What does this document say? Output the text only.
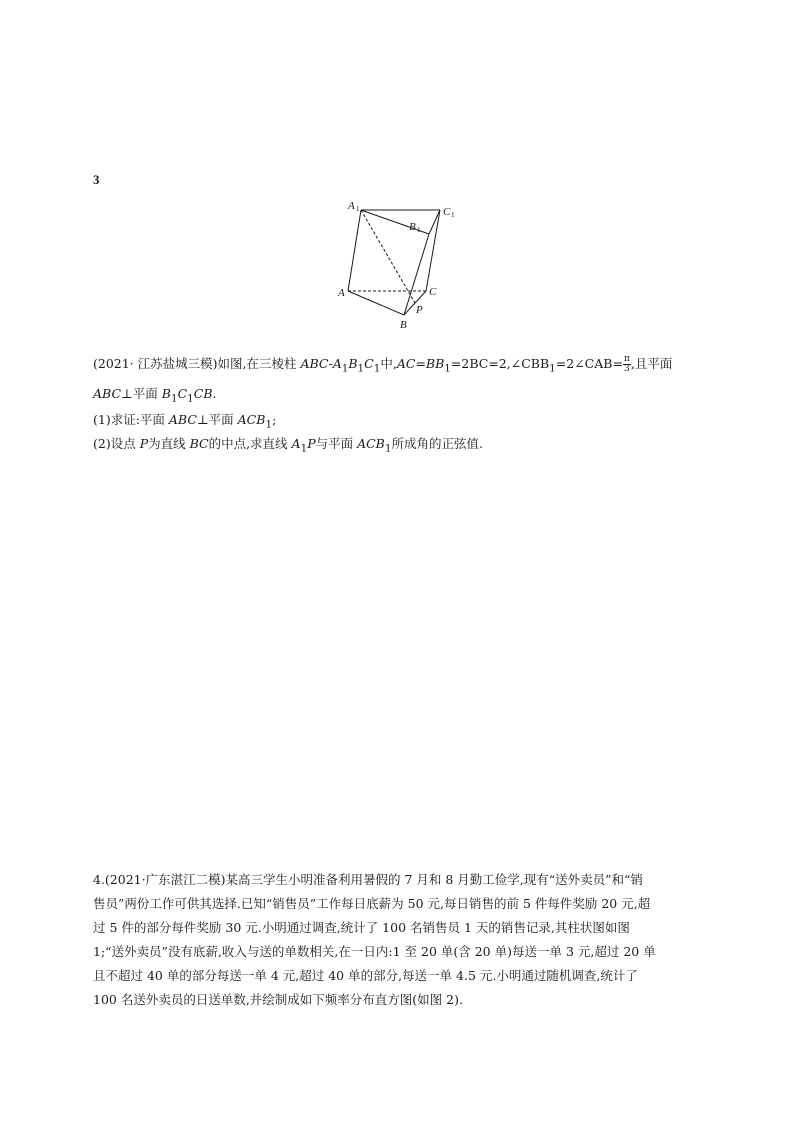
3
A 1
B 1
C 1
A	C
B
P
(2021· 江苏盐城三模)如图,在三棱柱 ABC-$A_1B_1C_1$中$,AC=BB_1=2BC=2,\angle CBB_1=2\angle CAB= \frac{\pi}{3}$ ,且平面
ABC⊥平面 $B_1C_1CB$.
(1)求证:平面 ABC⊥平面 $ACB_1$;
(2)设点 P为直线 BC的中点,求直线 $A_1P$与平面 $ACB_1$所成角的正弦值.
4.(2021·广东湛江二模)某高三学生小明准备利用暑假的 7 月和 8 月勤工俭学,现有“送外卖员”和“销
售员”两份工作可供其选择.已知“销售员”工作每日底薪为 50 元,每日销售的前 5 件每件奖励 20 元,超
过 5 件的部分每件奖励 30 元.小明通过调查,统计了 100 名销售员 1 天的销售记录,其柱状图如图
1;“送外卖员”没有底薪,收入与送的单数相关,在一日内:1 至 20 单(含 20 单)每送一单 3 元,超过 20 单
且不超过 40 单的部分每送一单 4 元,超过 40 单的部分,每送一单 4.5 元.小明通过随机调查,统计了
100 名送外卖员的日送单数,并绘制成如下频率分布直方图(如图 2).
